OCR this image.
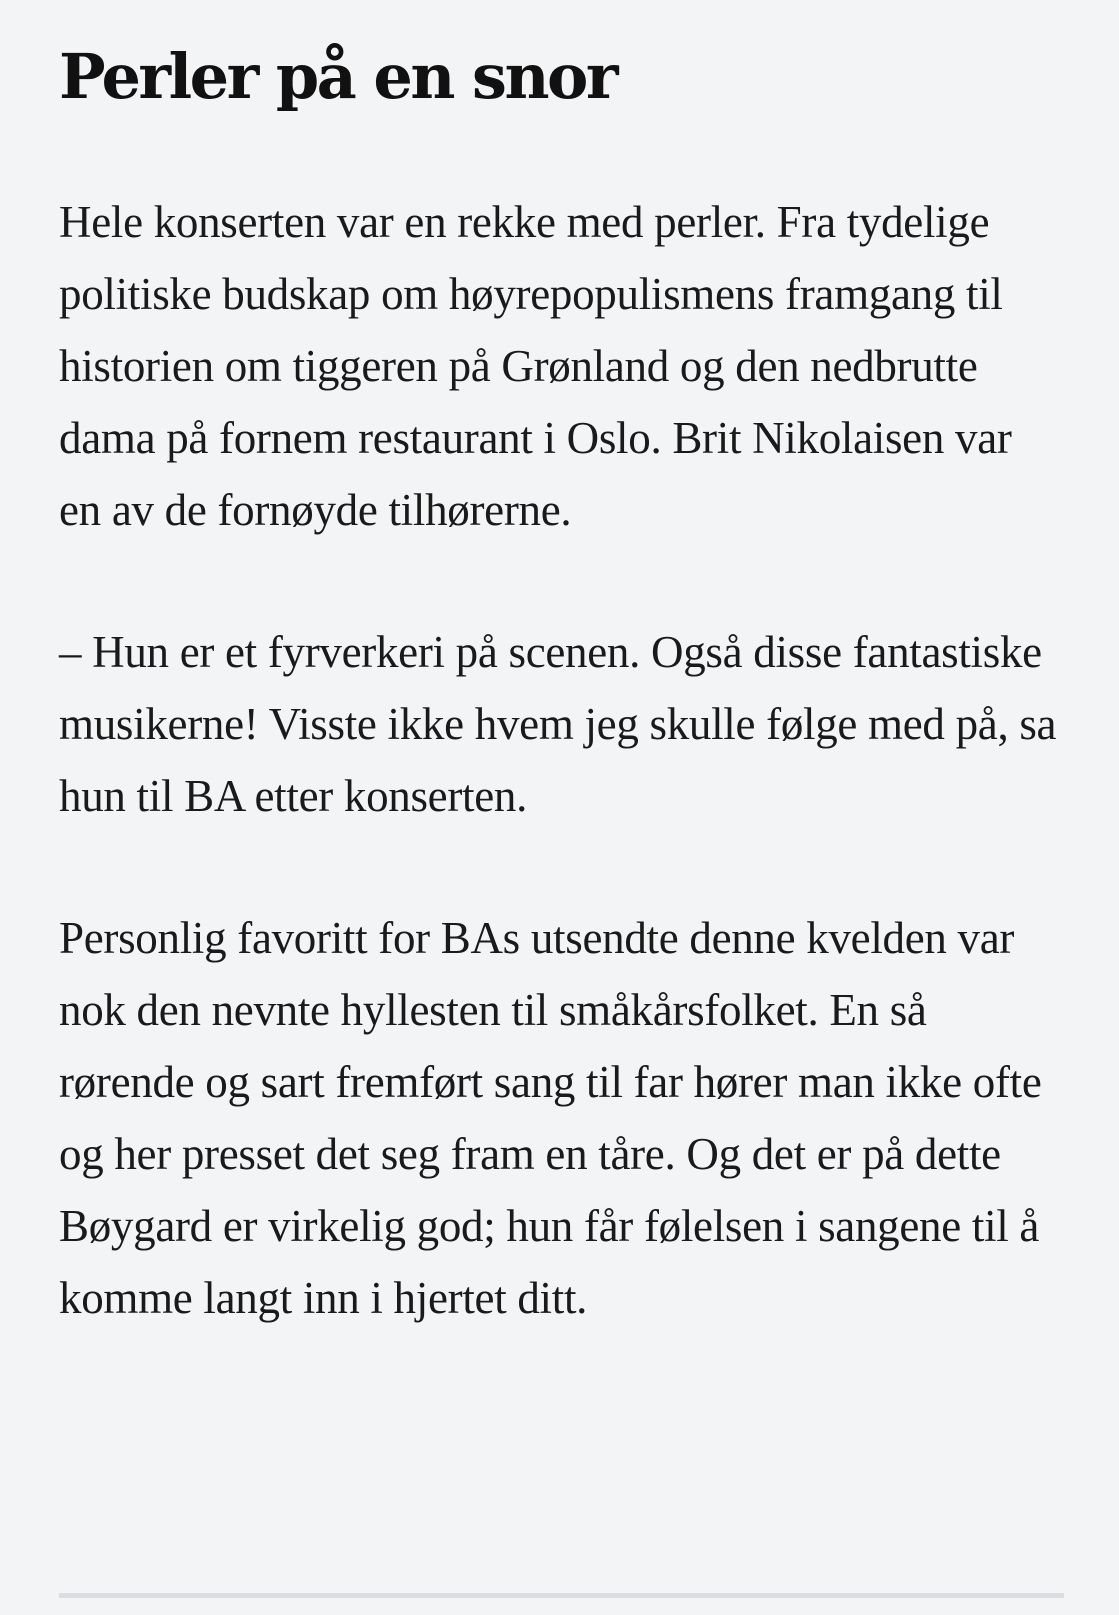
Perler på en snor

Hele konserten var en rekke med perler. Fra tydelige politiske budskap om høyrepopulismens framgang til historien om tiggeren på Grønland og den nedbrutte dama på fornem restaurant i Oslo. Brit Nikolaisen var en av de fornøyde tilhørerne.

– Hun er et fyrverkeri på scenen. Også disse fantastiske musikerne! Visste ikke hvem jeg skulle følge med på, sa hun til BA etter konserten.

Personlig favoritt for BAs utsendte denne kvelden var nok den nevnte hyllesten til småkårsfolket. En så rørende og sart fremført sang til far hører man ikke ofte og her presset det seg fram en tåre. Og det er på dette Bøygard er virkelig god; hun får følelsen i sangene til å komme langt inn i hjertet ditt.
